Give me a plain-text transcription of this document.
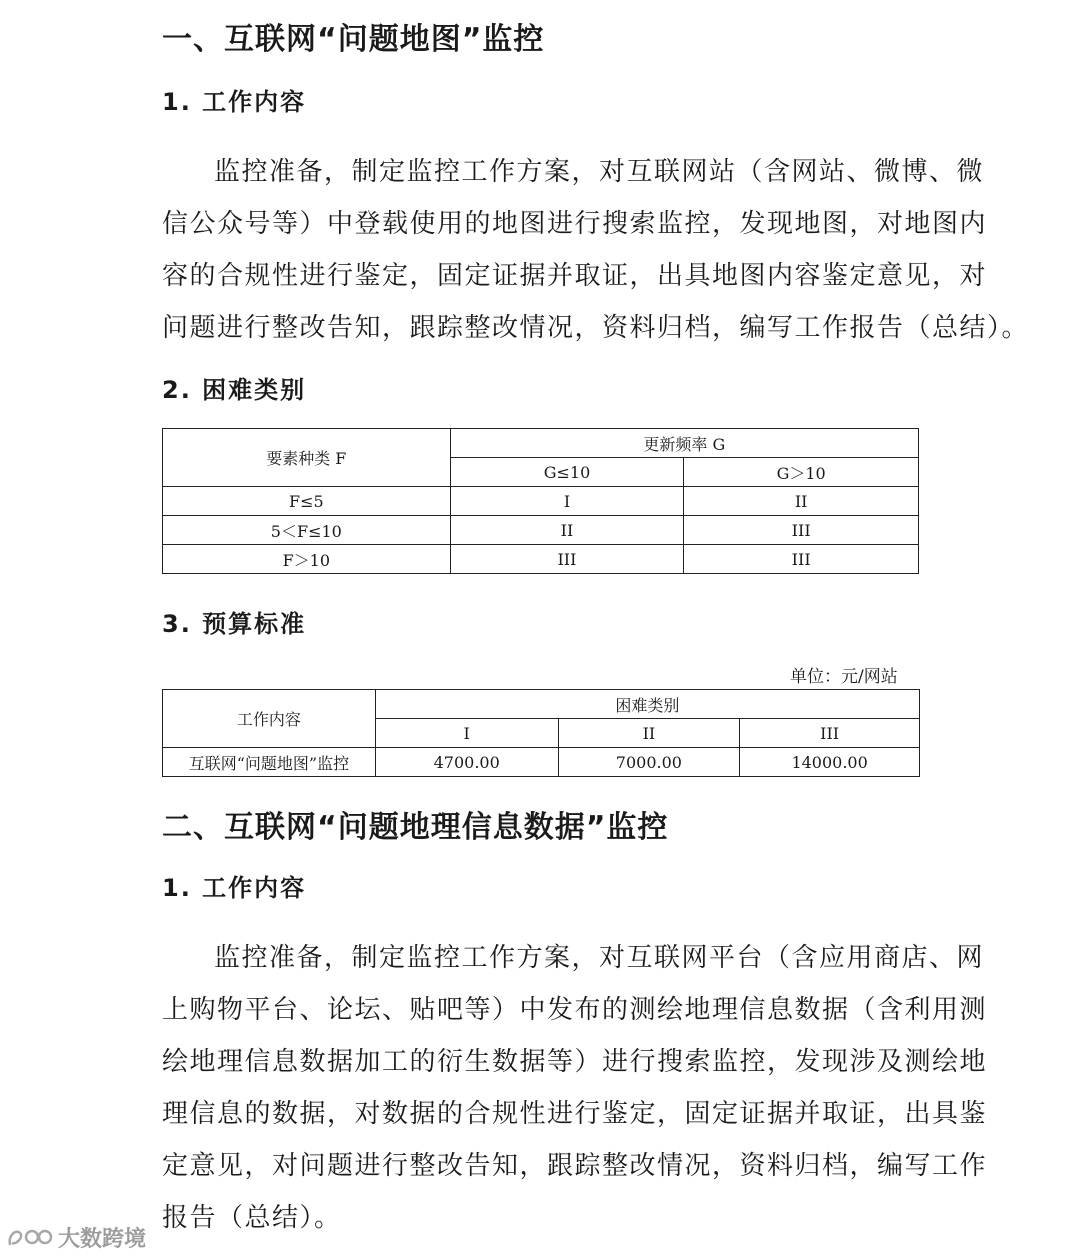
一、互联网“问题地图”监控
1. 工作内容
监控准备，制定监控工作方案，对互联网站（含网站、微博、微
信公众号等）中登载使用的地图进行搜索监控，发现地图，对地图内
容的合规性进行鉴定，固定证据并取证，出具地图内容鉴定意见，对
问题进行整改告知，跟踪整改情况，资料归档，编写工作报告（总结）。
2. 困难类别
要素种类 F	更新频率 G	
	G≤10	G＞10
F≤5	I	II
5＜F≤10	II	III
F＞10	III	III
3. 预算标准
单位：元/网站
工作内容	困难类别		
	I	II	III
互联网“问题地图”监控	4700.00	7000.00	14000.00
二、互联网“问题地理信息数据”监控
1. 工作内容
监控准备，制定监控工作方案，对互联网平台（含应用商店、网
上购物平台、论坛、贴吧等）中发布的测绘地理信息数据（含利用测
绘地理信息数据加工的衍生数据等）进行搜索监控，发现涉及测绘地
理信息的数据，对数据的合规性进行鉴定，固定证据并取证，出具鉴
定意见，对问题进行整改告知，跟踪整改情况，资料归档，编写工作
报告（总结）。
大数跨境
